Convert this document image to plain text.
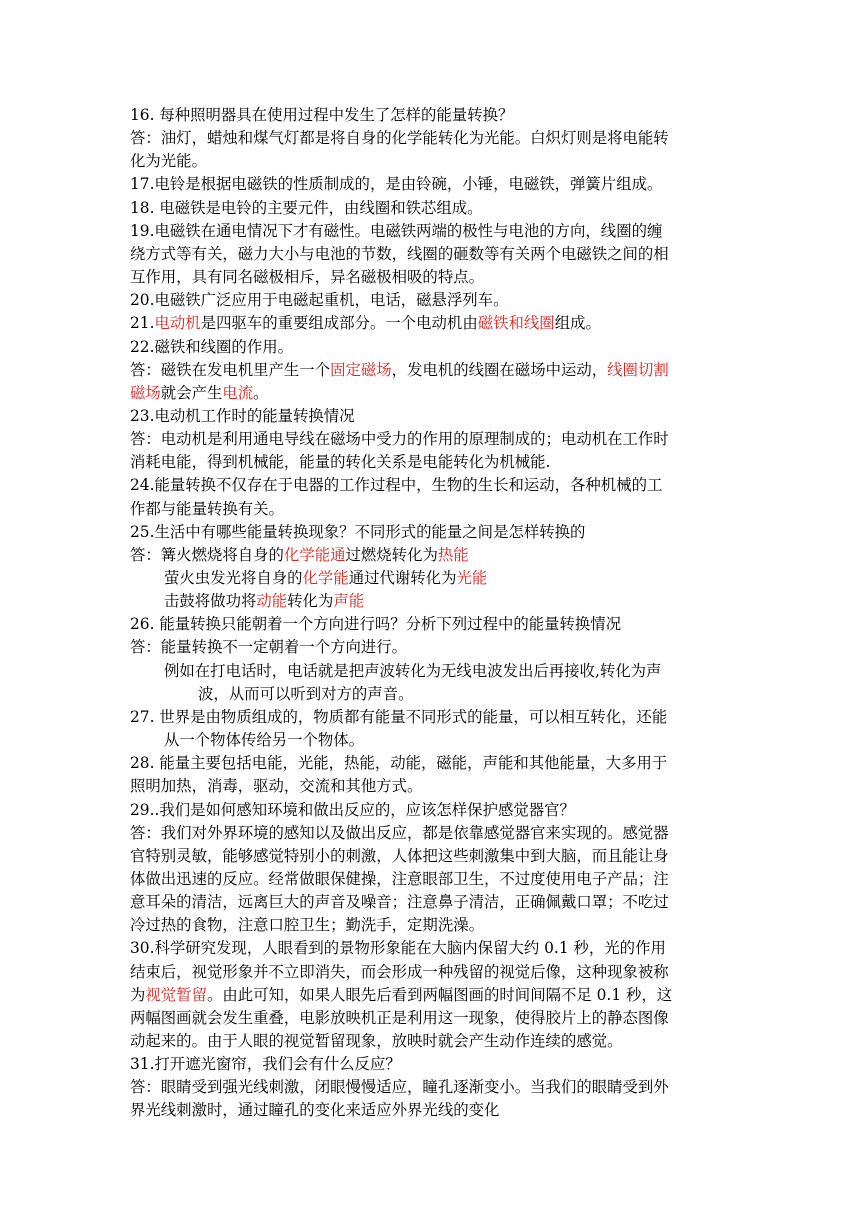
16. 每种照明器具在使用过程中发生了怎样的能量转换？
答：油灯，蜡烛和煤气灯都是将自身的化学能转化为光能。白炽灯则是将电能转
化为光能。
17.电铃是根据电磁铁的性质制成的，是由铃碗，小锤，电磁铁，弹簧片组成。
18. 电磁铁是电铃的主要元件，由线圈和铁芯组成。
19.电磁铁在通电情况下才有磁性。电磁铁两端的极性与电池的方向，线圈的缠
绕方式等有关，磁力大小与电池的节数，线圈的砸数等有关两个电磁铁之间的相
互作用，具有同名磁极相斥，异名磁极相吸的特点。
20.电磁铁广泛应用于电磁起重机，电话，磁悬浮列车。
21.电动机是四驱车的重要组成部分。一个电动机由磁铁和线圈组成。
22.磁铁和线圈的作用。
答：磁铁在发电机里产生一个固定磁场，发电机的线圈在磁场中运动，线圈切割
磁场就会产生电流。
23.电动机工作时的能量转换情况
答：电动机是利用通电导线在磁场中受力的作用的原理制成的；电动机在工作时
消耗电能，得到机械能，能量的转化关系是电能转化为机械能.
24.能量转换不仅存在于电器的工作过程中，生物的生长和运动，各种机械的工
作都与能量转换有关。
25.生活中有哪些能量转换现象？不同形式的能量之间是怎样转换的
答：篝火燃烧将自身的化学能通过燃烧转化为热能
萤火虫发光将自身的化学能通过代谢转化为光能
击鼓将做功将动能转化为声能
26. 能量转换只能朝着一个方向进行吗？分析下列过程中的能量转换情况
答：能量转换不一定朝着一个方向进行。
例如在打电话时，电话就是把声波转化为无线电波发出后再接收,转化为声
波，从而可以听到对方的声音。
27. 世界是由物质组成的，物质都有能量不同形式的能量，可以相互转化，还能
从一个物体传给另一个物体。
28. 能量主要包括电能，光能，热能，动能，磁能，声能和其他能量，大多用于
照明加热，消毒，驱动，交流和其他方式。
29..我们是如何感知环境和做出反应的，应该怎样保护感觉器官？
答：我们对外界环境的感知以及做出反应，都是依靠感觉器官来实现的。感觉器
官特别灵敏，能够感觉特别小的刺激，人体把这些刺激集中到大脑，而且能让身
体做出迅速的反应。经常做眼保健操，注意眼部卫生，不过度使用电子产品；注
意耳朵的清洁，远离巨大的声音及噪音；注意鼻子清洁，正确佩戴口罩；不吃过
冷过热的食物，注意口腔卫生；勤洗手，定期洗澡。
30.科学研究发现，人眼看到的景物形象能在大脑内保留大约 0.1 秒，光的作用
结束后，视觉形象并不立即消失，而会形成一种残留的视觉后像，这种现象被称
为视觉暂留。由此可知，如果人眼先后看到两幅图画的时间间隔不足 0.1 秒，这
两幅图画就会发生重叠，电影放映机正是利用这一现象，使得胶片上的静态图像
动起来的。由于人眼的视觉暂留现象，放映时就会产生动作连续的感觉。
31.打开遮光窗帘，我们会有什么反应？
答：眼睛受到强光线刺激，闭眼慢慢适应，瞳孔逐渐变小。当我们的眼睛受到外
界光线刺激时，通过瞳孔的变化来适应外界光线的变化
